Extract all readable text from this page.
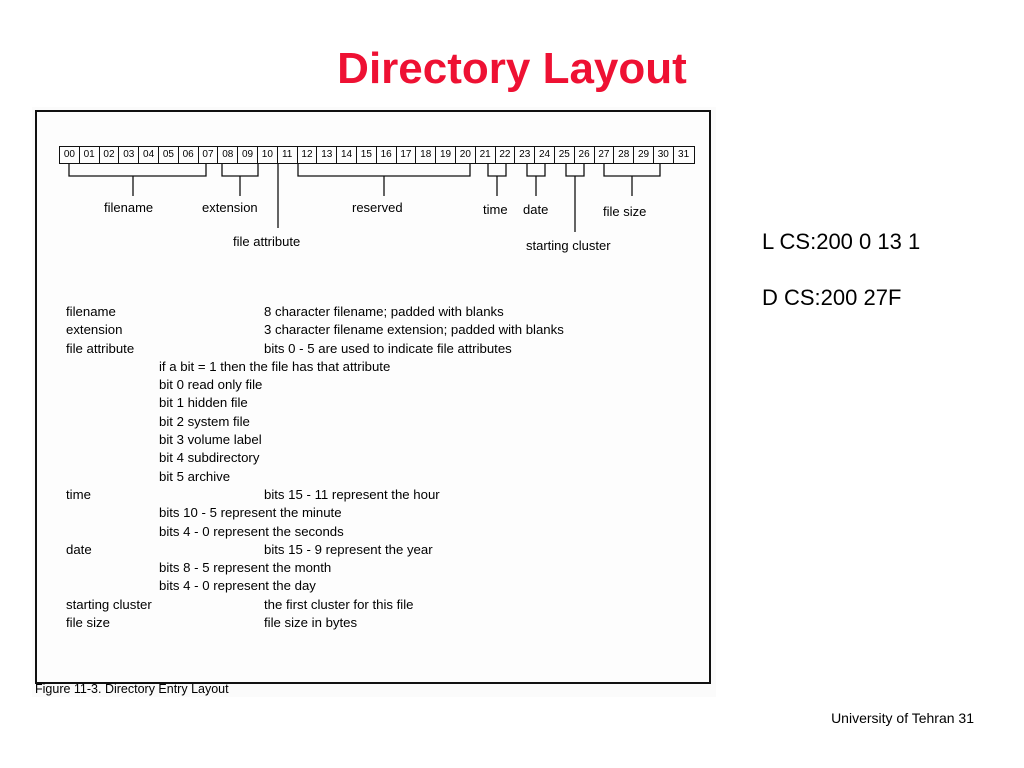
Directory Layout
00 01 02 03 04 05 06 07 08 09 10 11 12 13 14 15 16 17 18 19 20 21 22 23 24 25 26 27 28 29 30 31
filename	extension
file attribute
reserved	time date
starting cluster
file size
filename	8 character filename; padded with blanks
extension	3 character filename extension; padded with blanks
file attribute	bits 0 - 5 are used to indicate file attributes
if a bit = 1 then the file has that attribute
bit 0 read only file
bit 1 hidden file
bit 2 system file
bit 3 volume label
bit 4 subdirectory
bit 5 archive
time	bits 15 - 11 represent the hour
bits 10 - 5 represent the minute
bits 4 - 0 represent the seconds
date	bits 15 - 9 represent the year
bits 8 - 5 represent the month
bits 4 - 0 represent the day
starting cluster	the first cluster for this file
file size	file size in bytes
Figure 11-3. Directory Entry Layout
L CS:200 0 13 1
D CS:200 27F
University of Tehran 31
